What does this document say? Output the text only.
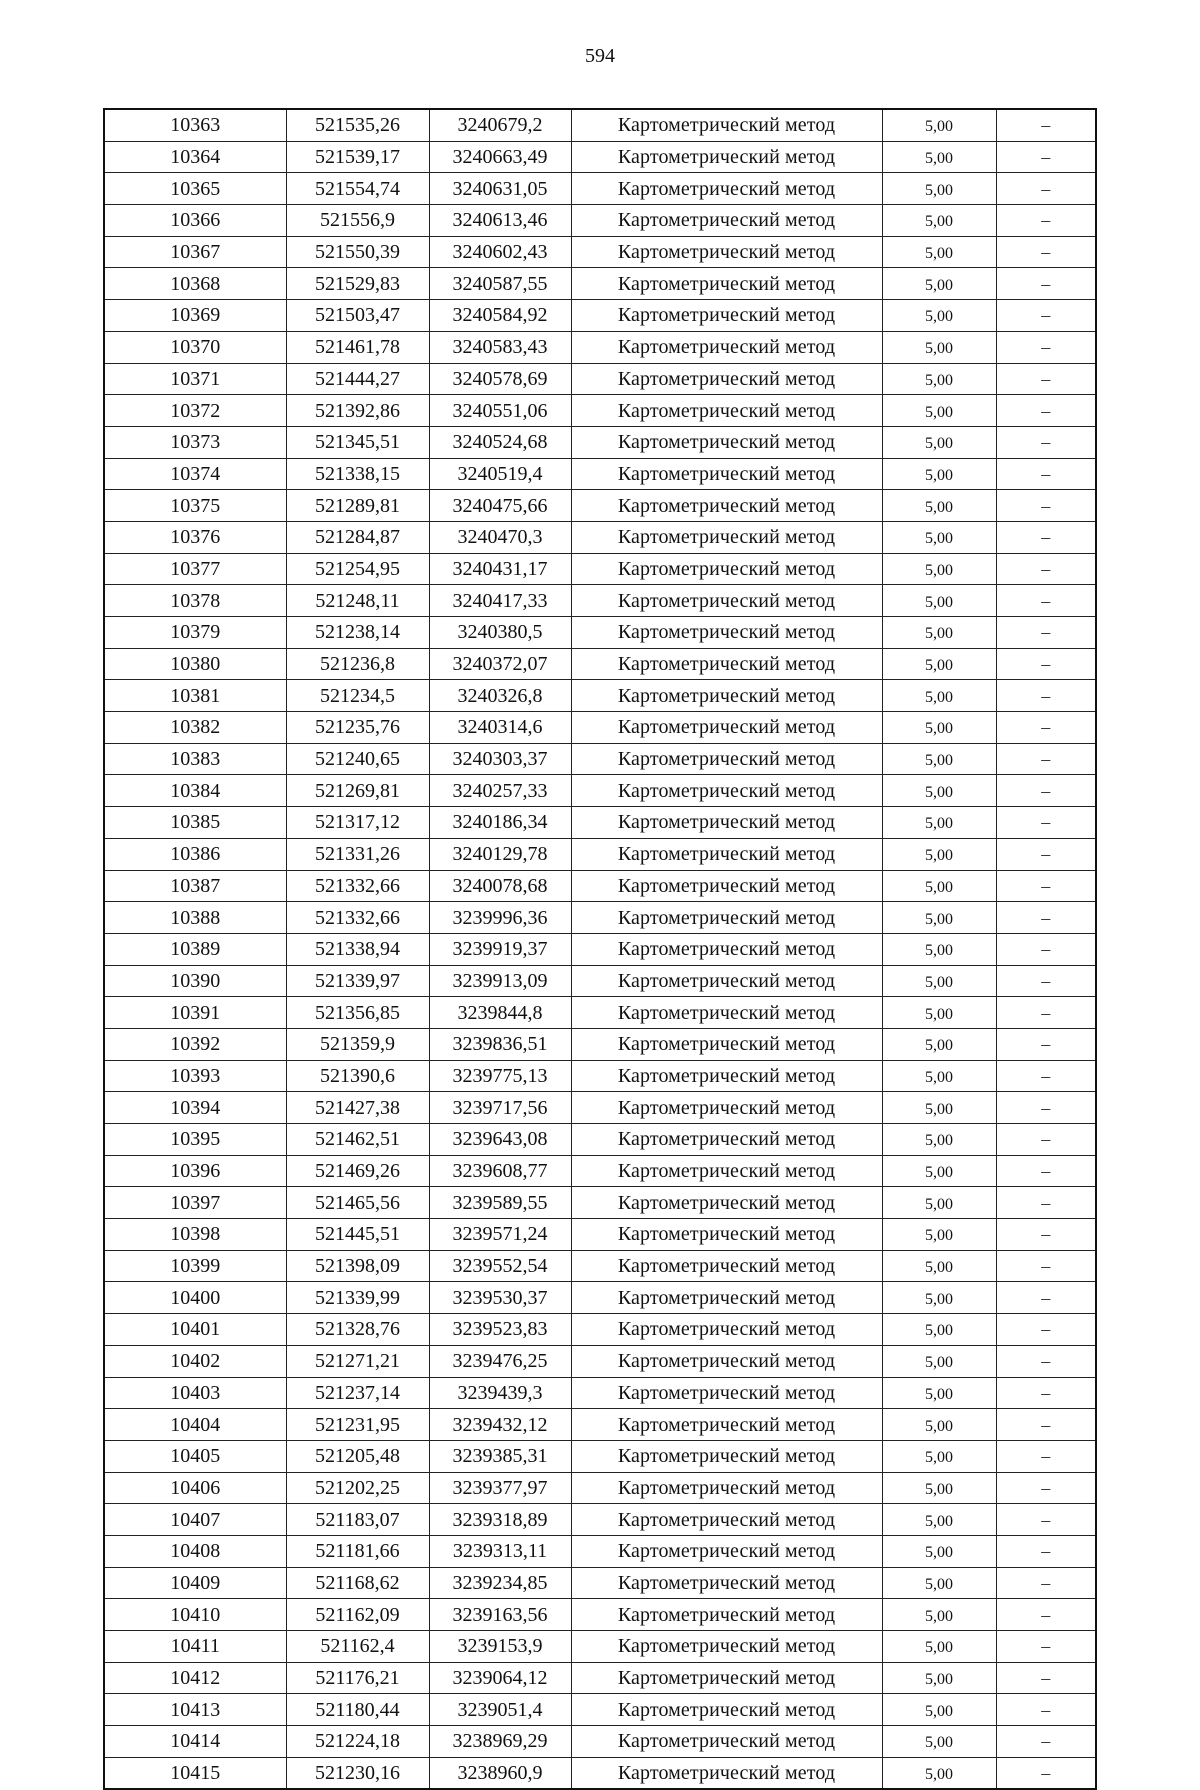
594
10363	521535,26	3240679,2	Картометрический метод	5,00	–
10364	521539,17	3240663,49	Картометрический метод	5,00	–
10365	521554,74	3240631,05	Картометрический метод	5,00	–
10366	521556,9	3240613,46	Картометрический метод	5,00	–
10367	521550,39	3240602,43	Картометрический метод	5,00	–
10368	521529,83	3240587,55	Картометрический метод	5,00	–
10369	521503,47	3240584,92	Картометрический метод	5,00	–
10370	521461,78	3240583,43	Картометрический метод	5,00	–
10371	521444,27	3240578,69	Картометрический метод	5,00	–
10372	521392,86	3240551,06	Картометрический метод	5,00	–
10373	521345,51	3240524,68	Картометрический метод	5,00	–
10374	521338,15	3240519,4	Картометрический метод	5,00	–
10375	521289,81	3240475,66	Картометрический метод	5,00	–
10376	521284,87	3240470,3	Картометрический метод	5,00	–
10377	521254,95	3240431,17	Картометрический метод	5,00	–
10378	521248,11	3240417,33	Картометрический метод	5,00	–
10379	521238,14	3240380,5	Картометрический метод	5,00	–
10380	521236,8	3240372,07	Картометрический метод	5,00	–
10381	521234,5	3240326,8	Картометрический метод	5,00	–
10382	521235,76	3240314,6	Картометрический метод	5,00	–
10383	521240,65	3240303,37	Картометрический метод	5,00	–
10384	521269,81	3240257,33	Картометрический метод	5,00	–
10385	521317,12	3240186,34	Картометрический метод	5,00	–
10386	521331,26	3240129,78	Картометрический метод	5,00	–
10387	521332,66	3240078,68	Картометрический метод	5,00	–
10388	521332,66	3239996,36	Картометрический метод	5,00	–
10389	521338,94	3239919,37	Картометрический метод	5,00	–
10390	521339,97	3239913,09	Картометрический метод	5,00	–
10391	521356,85	3239844,8	Картометрический метод	5,00	–
10392	521359,9	3239836,51	Картометрический метод	5,00	–
10393	521390,6	3239775,13	Картометрический метод	5,00	–
10394	521427,38	3239717,56	Картометрический метод	5,00	–
10395	521462,51	3239643,08	Картометрический метод	5,00	–
10396	521469,26	3239608,77	Картометрический метод	5,00	–
10397	521465,56	3239589,55	Картометрический метод	5,00	–
10398	521445,51	3239571,24	Картометрический метод	5,00	–
10399	521398,09	3239552,54	Картометрический метод	5,00	–
10400	521339,99	3239530,37	Картометрический метод	5,00	–
10401	521328,76	3239523,83	Картометрический метод	5,00	–
10402	521271,21	3239476,25	Картометрический метод	5,00	–
10403	521237,14	3239439,3	Картометрический метод	5,00	–
10404	521231,95	3239432,12	Картометрический метод	5,00	–
10405	521205,48	3239385,31	Картометрический метод	5,00	–
10406	521202,25	3239377,97	Картометрический метод	5,00	–
10407	521183,07	3239318,89	Картометрический метод	5,00	–
10408	521181,66	3239313,11	Картометрический метод	5,00	–
10409	521168,62	3239234,85	Картометрический метод	5,00	–
10410	521162,09	3239163,56	Картометрический метод	5,00	–
10411	521162,4	3239153,9	Картометрический метод	5,00	–
10412	521176,21	3239064,12	Картометрический метод	5,00	–
10413	521180,44	3239051,4	Картометрический метод	5,00	–
10414	521224,18	3238969,29	Картометрический метод	5,00	–
10415	521230,16	3238960,9	Картометрический метод	5,00	–
